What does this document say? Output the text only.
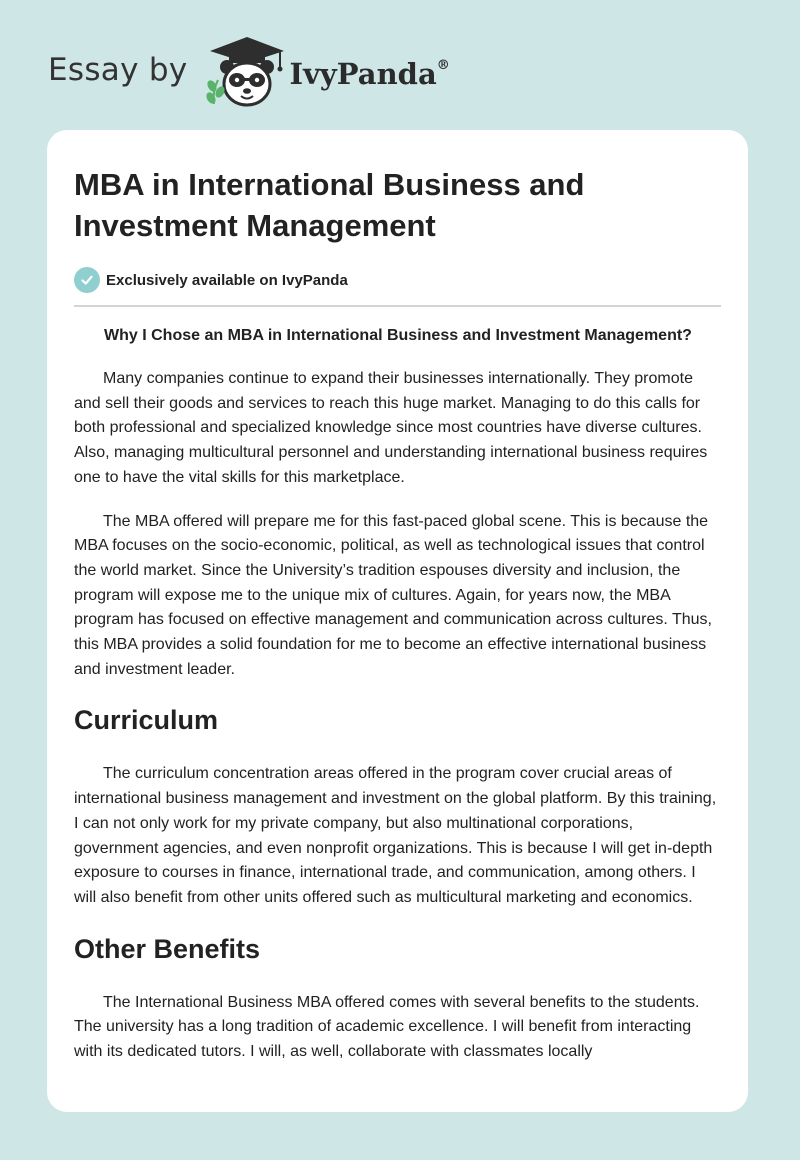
Essay by	IvyPanda®
MBA in International Business and Investment Management
Exclusively available on IvyPanda

Why I Chose an MBA in International Business and Investment Management?

Many companies continue to expand their businesses internationally. They promote and sell their goods and services to reach this huge market. Managing to do this calls for both professional and specialized knowledge since most countries have diverse cultures. Also, managing multicultural personnel and understanding international business requires one to have the vital skills for this marketplace.

The MBA offered will prepare me for this fast-paced global scene. This is because the MBA focuses on the socio-economic, political, as well as technological issues that control the world market. Since the University’s tradition espouses diversity and inclusion, the program will expose me to the unique mix of cultures. Again, for years now, the MBA program has focused on effective management and communication across cultures. Thus, this MBA provides a solid foundation for me to become an effective international business and investment leader.

Curriculum

The curriculum concentration areas offered in the program cover crucial areas of international business management and investment on the global platform. By this training, I can not only work for my private company, but also multinational corporations, government agencies, and even nonprofit organizations. This is because I will get in-depth exposure to courses in finance, international trade, and communication, among others. I will also benefit from other units offered such as multicultural marketing and economics.

Other Benefits

The International Business MBA offered comes with several benefits to the students. The university has a long tradition of academic excellence. I will benefit from interacting with its dedicated tutors. I will, as well, collaborate with classmates locally
